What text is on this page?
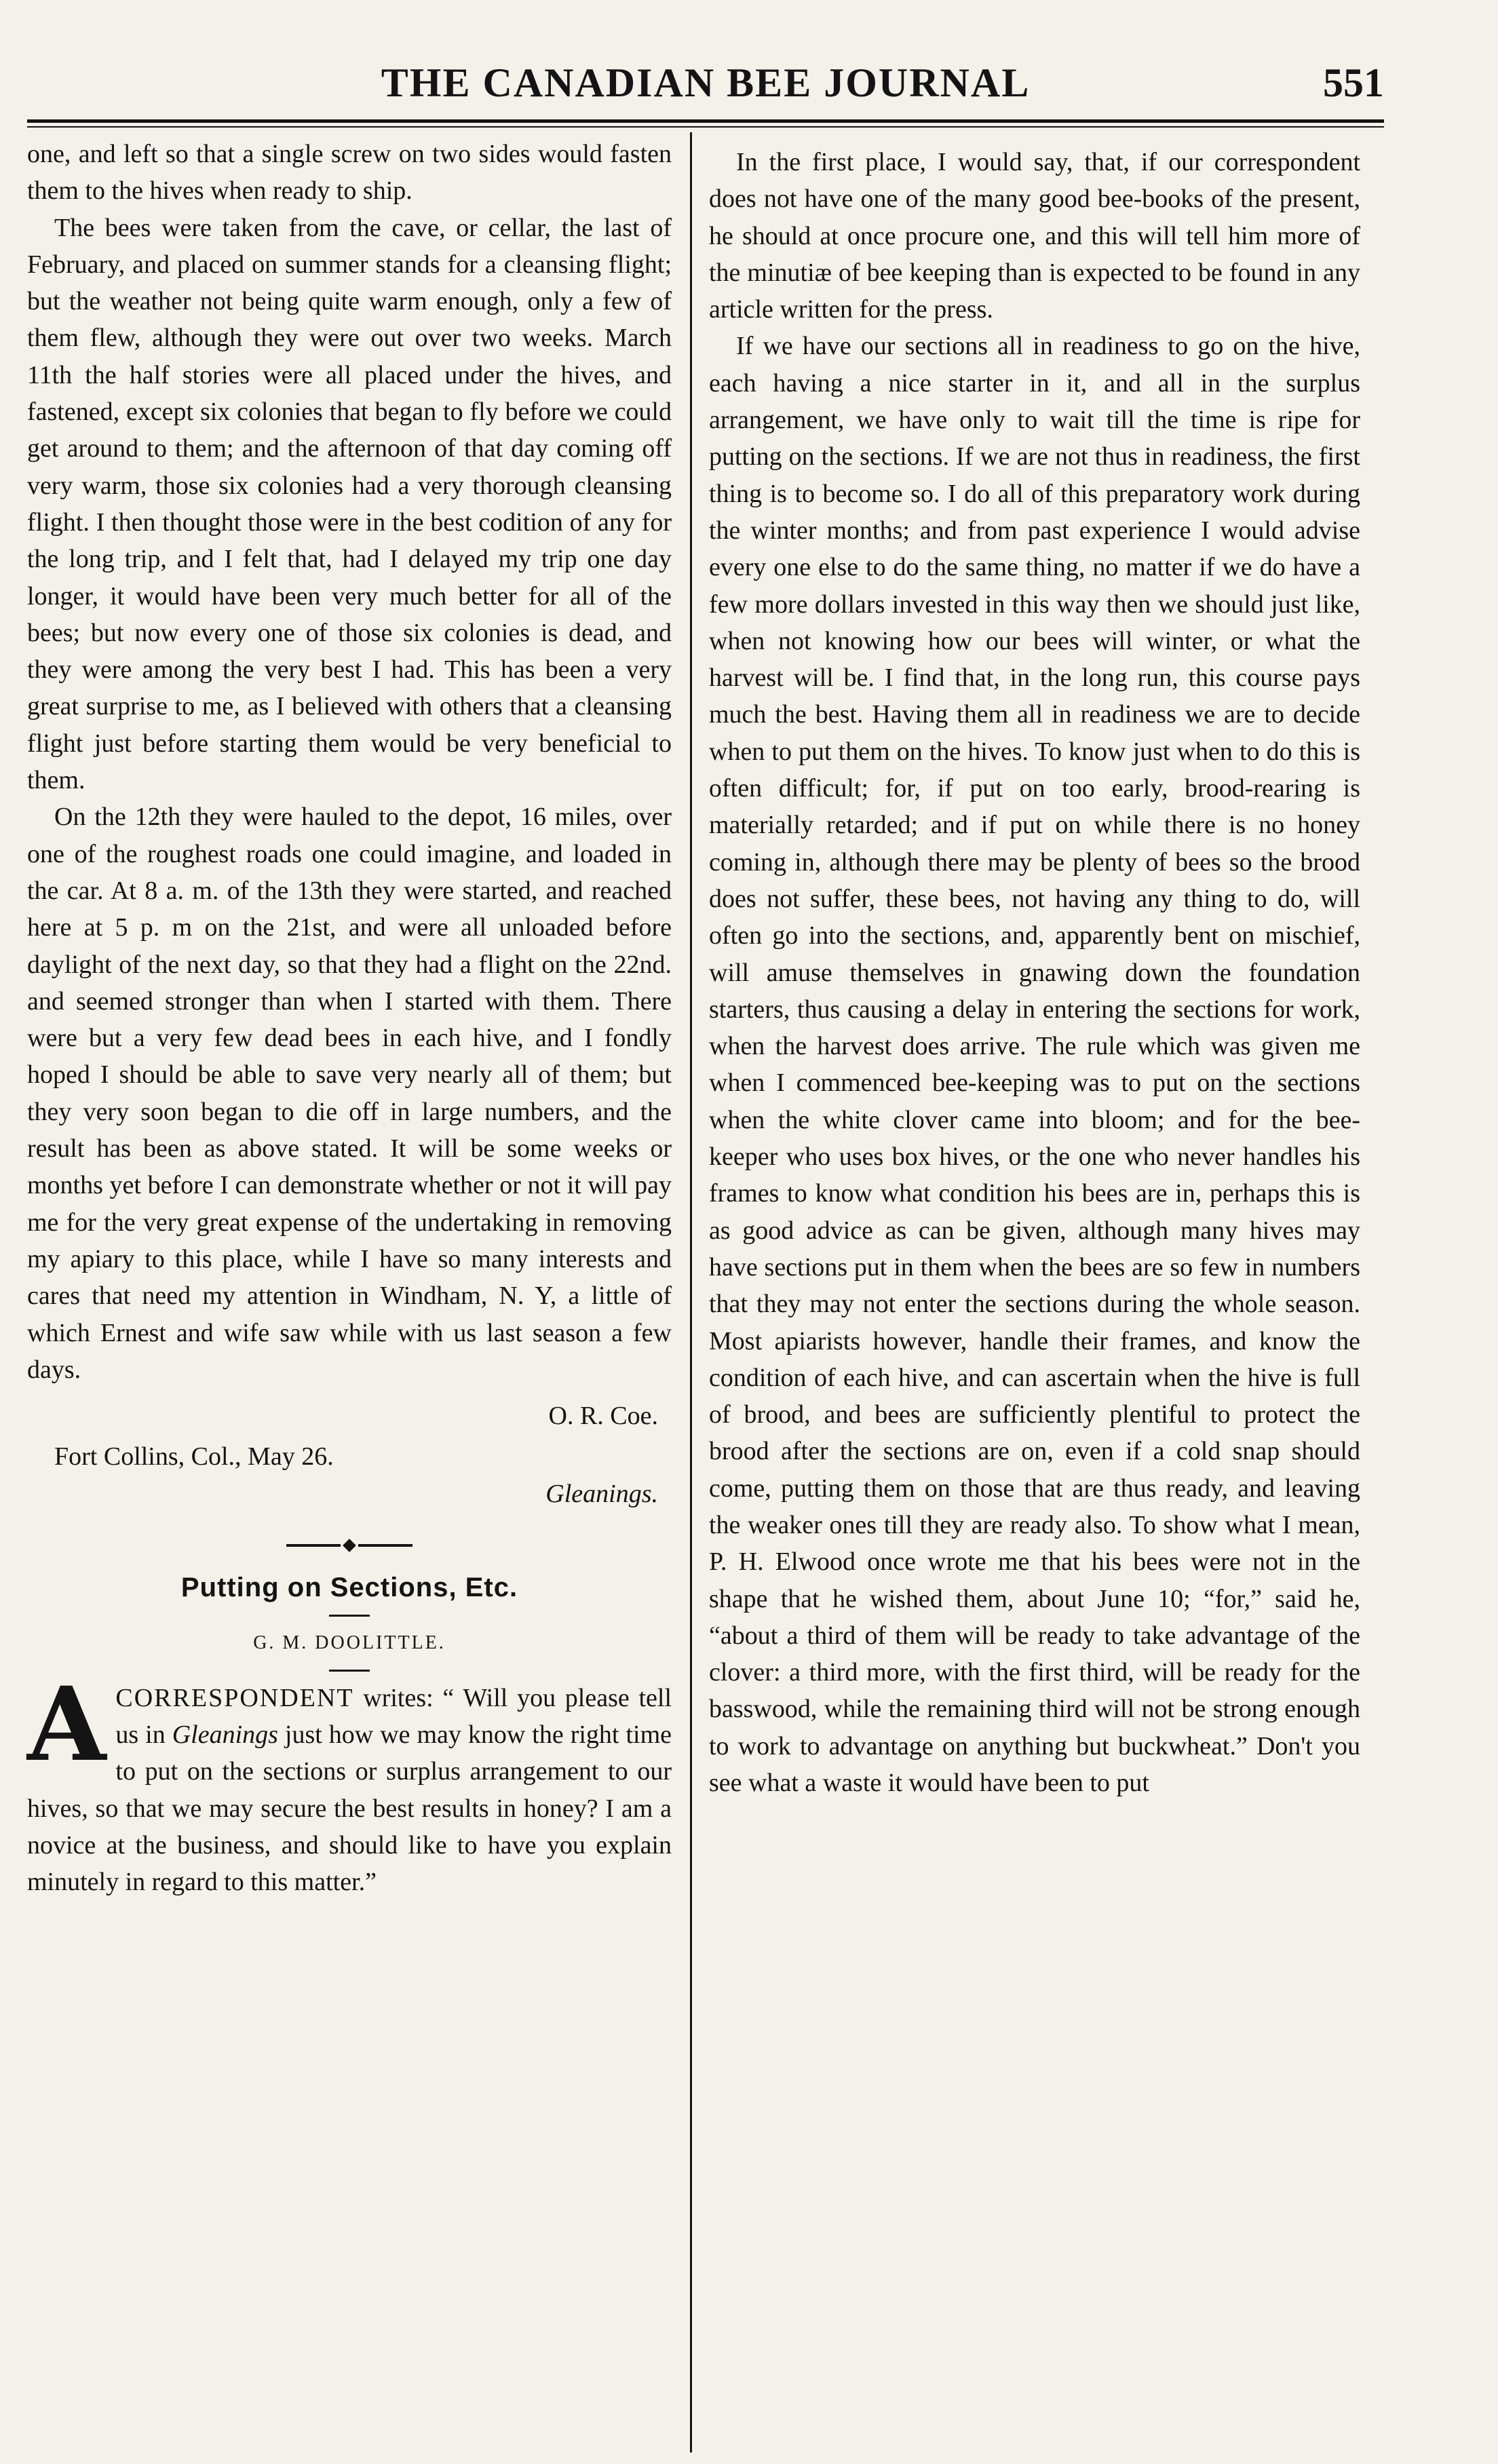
THE CANADIAN BEE JOURNAL	551

one, and left so that a single screw on two sides would fasten them to the hives when ready to ship.

The bees were taken from the cave, or cellar, the last of February, and placed on summer stands for a cleansing flight; but the weather not being quite warm enough, only a few of them flew, although they were out over two weeks. March 11th the half stories were all placed under the hives, and fastened, except six colonies that began to fly before we could get around to them; and the afternoon of that day coming off very warm, those six colonies had a very thorough cleansing flight. I then thought those were in the best codition of any for the long trip, and I felt that, had I delayed my trip one day longer, it would have been very much better for all of the bees; but now every one of those six colonies is dead, and they were among the very best I had. This has been a very great surprise to me, as I believed with others that a cleansing flight just before starting them would be very beneficial to them.

On the 12th they were hauled to the depot, 16 miles, over one of the roughest roads one could imagine, and loaded in the car. At 8 a. m. of the 13th they were started, and reached here at 5 p. m on the 21st, and were all unloaded before daylight of the next day, so that they had a flight on the 22nd. and seemed stronger than when I started with them. There were but a very few dead bees in each hive, and I fondly hoped I should be able to save very nearly all of them; but they very soon began to die off in large numbers, and the result has been as above stated. It will be some weeks or months yet before I can demonstrate whether or not it will pay me for the very great expense of the undertaking in removing my apiary to this place, while I have so many interests and cares that need my attention in Windham, N. Y, a little of which Ernest and wife saw while with us last season a few days.

O. R. Coe.
Fort Collins, Col., May 26.
Gleanings.
Putting on Sections, Etc.
G. M. DOOLITTLE.

ACORRESPONDENT writes: “ Will you please tell us in Gleanings just how we may know the right time to put on the sections or surplus arrangement to our hives, so that we may secure the best results in honey? I am a novice at the business, and should like to have you explain minutely in regard to this matter.”

In the first place, I would say, that, if our correspondent does not have one of the many good bee-books of the present, he should at once procure one, and this will tell him more of the minutiæ of bee keeping than is expected to be found in any article written for the press.

If we have our sections all in readiness to go on the hive, each having a nice starter in it, and all in the surplus arrangement, we have only to wait till the time is ripe for putting on the sections. If we are not thus in readiness, the first thing is to become so. I do all of this preparatory work during the winter months; and from past experience I would advise every one else to do the same thing, no matter if we do have a few more dollars invested in this way then we should just like, when not knowing how our bees will winter, or what the harvest will be. I find that, in the long run, this course pays much the best. Having them all in readiness we are to decide when to put them on the hives. To know just when to do this is often difficult; for, if put on too early, brood-rearing is materially retarded; and if put on while there is no honey coming in, although there may be plenty of bees so the brood does not suffer, these bees, not having any thing to do, will often go into the sections, and, apparently bent on mischief, will amuse themselves in gnawing down the foundation starters, thus causing a delay in entering the sections for work, when the harvest does arrive. The rule which was given me when I commenced bee-keeping was to put on the sections when the white clover came into bloom; and for the bee-keeper who uses box hives, or the one who never handles his frames to know what condition his bees are in, perhaps this is as good advice as can be given, although many hives may have sections put in them when the bees are so few in numbers that they may not enter the sections during the whole season. Most apiarists however, handle their frames, and know the condition of each hive, and can ascertain when the hive is full of brood, and bees are sufficiently plentiful to protect the brood after the sections are on, even if a cold snap should come, putting them on those that are thus ready, and leaving the weaker ones till they are ready also. To show what I mean, P. H. Elwood once wrote me that his bees were not in the shape that he wished them, about June 10; “for,” said he, “about a third of them will be ready to take advantage of the clover: a third more, with the first third, will be ready for the basswood, while the remaining third will not be strong enough to work to advantage on anything but buckwheat.” Don't you see what a waste it would have been to put
